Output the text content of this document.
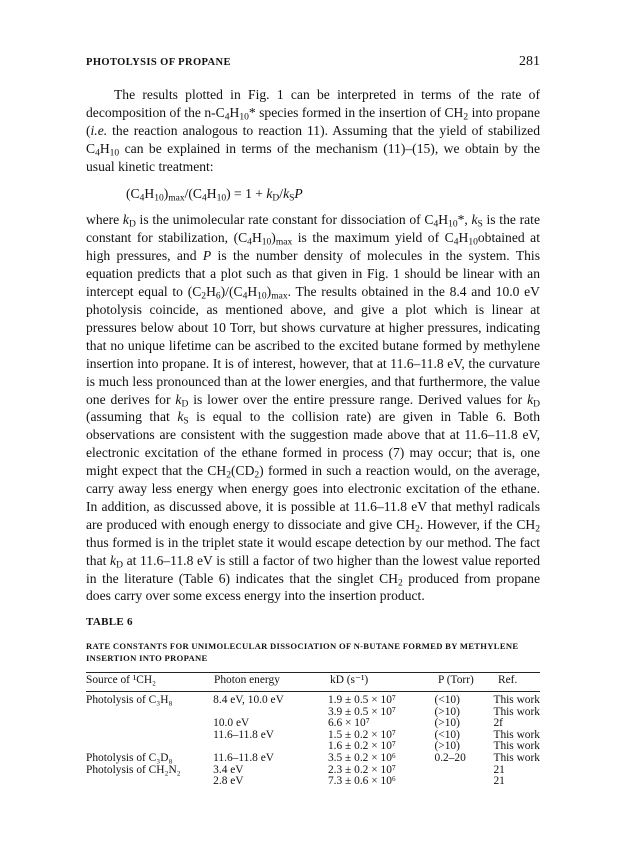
PHOTOLYSIS OF PROPANE	281

The results plotted in Fig. 1 can be interpreted in terms of the rate of decomposition of the $n-C_4H_{10}*$ species formed in the insertion of $CH_2$ into propane (i.e. the reaction analogous to reaction 11). Assuming that the yield of stabilized $C_4H_{10}$ can be explained in terms of the mechanism (11)–(15), we obtain by the usual kinetic treatment:

$(C_4H_{10})_{max}/(C_4H_{10}) = 1 + k_D/k_SP$

where $k_D$ is the unimolecular rate constant for dissociation of $C_4H_{10}*$, $k_S$ is the rate constant for stabilization, $(C_4H_{10})_{max}$ is the maximum yield of $C_4H_{10}obtained$ at high pressures, and P is the number density of molecules in the system. This equation predicts that a plot such as that given in Fig. 1 should be linear with an intercept equal to $(C_2H_6)/(C_4H_{10})_{max}$. The results obtained in the 8.4 and 10.0 eV photolysis coincide, as mentioned above, and give a plot which is linear at pressures below about 10 Torr, but shows curvature at higher pressures, indicating that no unique lifetime can be ascribed to the excited butane formed by methylene insertion into propane. It is of interest, however, that at 11.6–11.8 eV, the curvature is much less pronounced than at the lower energies, and that furthermore, the value one derives for $k_D$ is lower over the entire pressure range. Derived values for $k_D$ (assuming that $k_S$ is equal to the collision rate) are given in Table 6. Both observations are consistent with the suggestion made above that at 11.6–11.8 eV, electronic excitation of the ethane formed in process (7) may occur; that is, one might expect that the $CH_2(CD_2)$ formed in such a reaction would, on the average, carry away less energy when energy goes into electronic excitation of the ethane. In addition, as discussed above, it is possible at 11.6–11.8 eV that methyl radicals are produced with enough energy to dissociate and give $CH_2$. However, if the $CH_2$ thus formed is in the triplet state it would escape detection by our method. The fact that $k_D$ at 11.6–11.8 eV is still a factor of two higher than the lowest value reported in the literature (Table 6) indicates that the singlet $CH_2$ produced from propane does carry over some excess energy into the insertion product.

TABLE 6
RATE CONSTANTS FOR UNIMOLECULAR DISSOCIATION OF N-BUTANE FORMED BY METHYLENE INSERTION INTO PROPANE
Source of ¹CH₂	Photon energy	kD (s⁻¹)	P (Torr)	Ref.
Photolysis of C₃H₈	8.4 eV, 10.0 eV	1.9 ± 0.5 × 10⁷	(<10)	This work
		3.9 ± 0.5 × 10⁷	(>10)	This work
	10.0 eV	6.6 × 10⁷	(>10)	2f
	11.6–11.8 eV	1.5 ± 0.2 × 10⁷	(<10)	This work
		1.6 ± 0.2 × 10⁷	(>10)	This work
Photolysis of C₃D₈	11.6–11.8 eV	3.5 ± 0.2 × 10⁶	0.2–20	This work
Photolysis of CH₂N₂	3.4 eV	2.3 ± 0.2 × 10⁷		21
	2.8 eV	7.3 ± 0.6 × 10⁶		21
